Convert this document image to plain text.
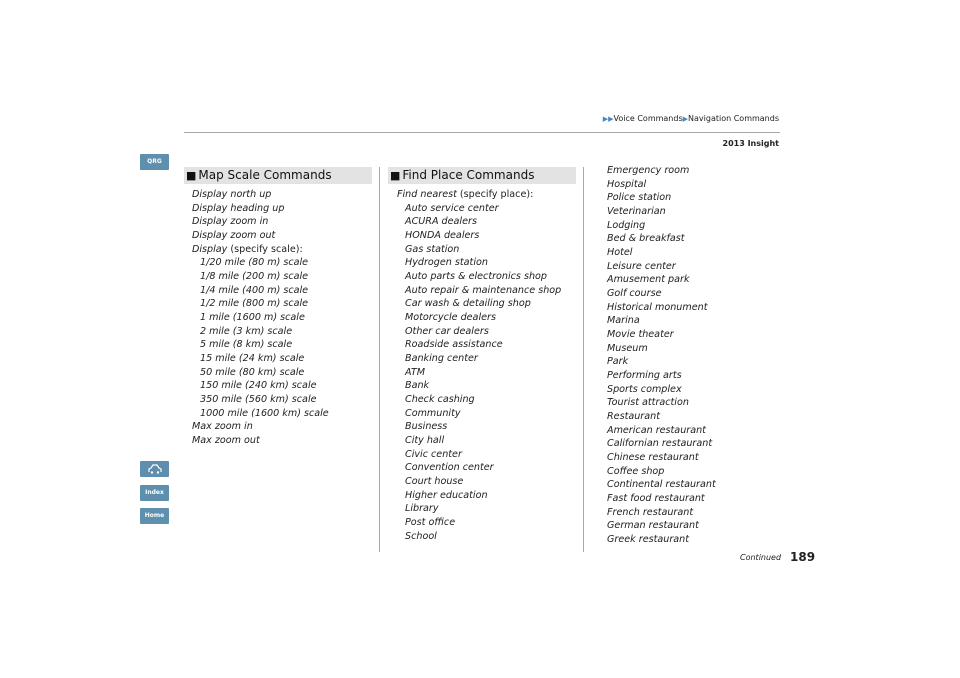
▶▶Voice Commands▶Navigation Commands
2013 Insight
QRG
Index
Home
■ Map Scale Commands
Display north up
Display heading up
Display zoom in
Display zoom out
Display (specify scale):
1/20 mile (80 m) scale
1/8 mile (200 m) scale
1/4 mile (400 m) scale
1/2 mile (800 m) scale
1 mile (1600 m) scale
2 mile (3 km) scale
5 mile (8 km) scale
15 mile (24 km) scale
50 mile (80 km) scale
150 mile (240 km) scale
350 mile (560 km) scale
1000 mile (1600 km) scale
Max zoom in
Max zoom out
■ Find Place Commands
Find nearest (specify place):
Auto service center
ACURA dealers
HONDA dealers
Gas station
Hydrogen station
Auto parts & electronics shop
Auto repair & maintenance shop
Car wash & detailing shop
Motorcycle dealers
Other car dealers
Roadside assistance
Banking center
ATM
Bank
Check cashing
Community
Business
City hall
Civic center
Convention center
Court house
Higher education
Library
Post office
School
Emergency room
Hospital
Police station
Veterinarian
Lodging
Bed & breakfast
Hotel
Leisure center
Amusement park
Golf course
Historical monument
Marina
Movie theater
Museum
Park
Performing arts
Sports complex
Tourist attraction
Restaurant
American restaurant
Californian restaurant
Chinese restaurant
Coffee shop
Continental restaurant
Fast food restaurant
French restaurant
German restaurant
Greek restaurant
Continued 189
